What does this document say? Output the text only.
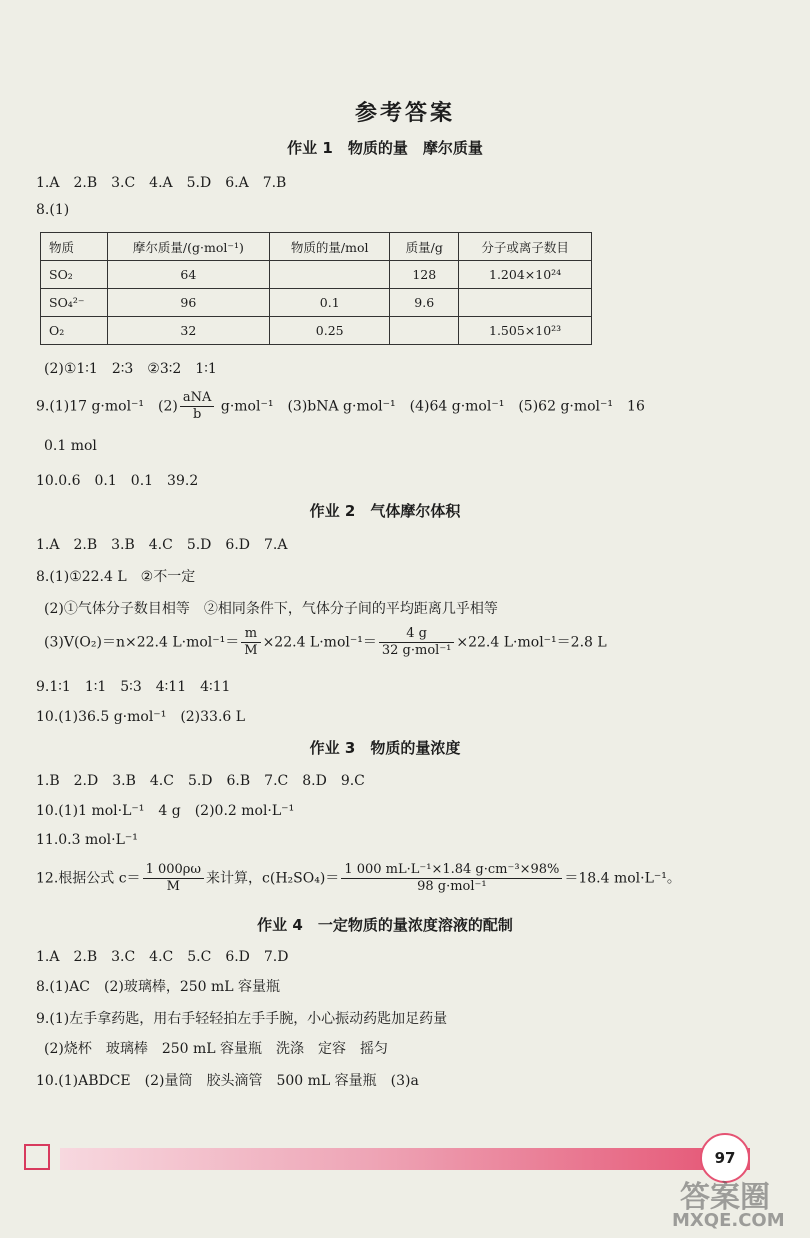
参考答案
作业 1　物质的量　摩尔质量
1.A　2.B　3.C　4.A　5.D　6.A　7.B
8.(1)
物质	摩尔质量/(g·mol⁻¹)	物质的量/mol	质量/g	分子或离子数目
SO₂	64		128	1.204×10²⁴
SO₄²⁻	96	0.1	9.6	
O₂	32	0.25		1.505×10²³
(2)①1∶1　2∶3　②3∶2　1∶1
9.(1)17 g·mol⁻¹　$(2) \frac{\text{aNA}}{b} g\cdot mol^{-1}$　(3)bNA g·mol⁻¹　(4)64 g·mol⁻¹　(5)62 g·mol⁻¹　16
0.1 mol
10.0.6　0.1　0.1　39.2
作业 2　气体摩尔体积
1.A　2.B　3.B　4.C　5.D　6.D　7.A
8.(1)①22.4 L　②不一定
(2)①气体分子数目相等　②相同条件下，气体分子间的平均距离几乎相等
(3)V(O₂)＝n×22.4 $L\cdot mol^{-1}= \frac{m}{M} \times 22.4$ $L\cdot mol^{-1}= \frac{4 g}{\text{32 g·mol⁻¹}} \times 22.4$ L·mol⁻¹＝2.8 L
9.1∶1　1∶1　5∶3　4∶11　4∶11
10.(1)36.5 g·mol⁻¹　(2)33.6 L
作业 3　物质的量浓度
1.B　2.D　3.B　4.C　5.D　6.B　7.C　8.D　9.C
10.(1)1 mol·L⁻¹　4 g　(2)0.2 mol·L⁻¹
11.0.3 mol·L⁻¹
12.根据公式 $c= \frac{1 000\rho\omega}{M}$ 来计算，$c(H_2SO_4)= \frac{\text{1 000 mL·L⁻¹×1.84 g·cm⁻³×98\%}}{\text{98 g·mol⁻¹}} =18.4$ mol·L⁻¹。
作业 4　一定物质的量浓度溶液的配制
1.A　2.B　3.C　4.C　5.C　6.D　7.D
8.(1)AC　(2)玻璃棒，250 mL 容量瓶
9.(1)左手拿药匙，用右手轻轻拍左手手腕，小心振动药匙加足药量
(2)烧杯　玻璃棒　250 mL 容量瓶　洗涤　定容　摇匀
10.(1)ABDCE　(2)量筒　胶头滴管　500 mL 容量瓶　(3)a
97
答案圈
MXQE.COM
